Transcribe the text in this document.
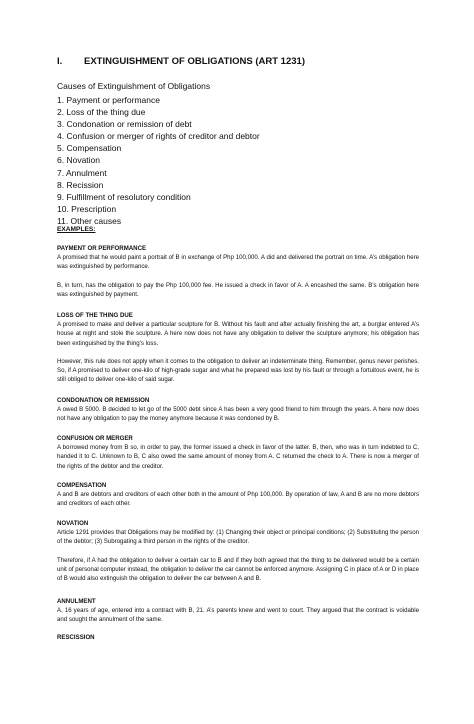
I. EXTINGUISHMENT OF OBLIGATIONS (ART 1231)
Causes of Extinguishment of Obligations
1. Payment or performance
2. Loss of the thing due
3. Condonation or remission of debt
4. Confusion or merger of rights of creditor and debtor
5. Compensation
6. Novation
7. Annulment
8. Recission
9. Fulfillment of resolutory condition
10. Prescription
11. Other causes
EXAMPLES:
PAYMENT OR PERFORMANCE
A promised that he would paint a portrait of B in exchange of Php 100,000. A did and delivered the portrait on time. A’s obligation here was extinguished by performance.
B, in turn, has the obligation to pay the Php 100,000 fee. He issued a check in favor of A. A encashed the same. B’s obligation here was extinguished by payment.
LOSS OF THE THING DUE
A promised to make and deliver a particular sculpture for B. Without his fault and after actually finishing the art, a burglar entered A’s house at night and stole the sculpture. A here now does not have any obligation to deliver the sculpture anymore; his obligation has been extinguished by the thing’s loss.
However, this rule does not apply when it comes to the obligation to deliver an indeterminate thing. Remember, genus never perishes. So, if A promised to deliver one-kilo of high-grade sugar and what he prepared was lost by his fault or through a fortuitous event, he is still obliged to deliver one-kilo of said sugar.
CONDONATION OR REMISSION
A owed B 5000. B decided to let go of the 5000 debt since A has been a very good friend to him through the years. A here now does not have any obligation to pay the money anymore because it was condoned by B.
CONFUSION OR MERGER
A borrowed money from B so, in order to pay, the former issued a check in favor of the latter. B, then, who was in turn indebted to C, handed it to C. Unknown to B, C also owed the same amount of money from A. C returned the check to A. There is now a merger of the rights of the debtor and the creditor.
COMPENSATION
A and B are debtors and creditors of each other both in the amount of Php 100,000. By operation of law, A and B are no more debtors and creditors of each other.
NOVATION
Article 1291 provides that Obligations may be modified by: (1) Changing their object or principal conditions; (2) Substituting the person of the debtor; (3) Subrogating a third person in the rights of the creditor.
Therefore, if A had the obligation to deliver a certain car to B and if they both agreed that the thing to be delivered would be a certain unit of personal computer instead, the obligation to deliver the car cannot be enforced anymore. Assigning C in place of A or D in place of B would also extinguish the obligation to deliver the car between A and B.
ANNULMENT
A, 16 years of age, entered into a contract with B, 21. A’s parents knew and went to court. They argued that the contract is voidable and sought the annulment of the same.
RESCISSION
